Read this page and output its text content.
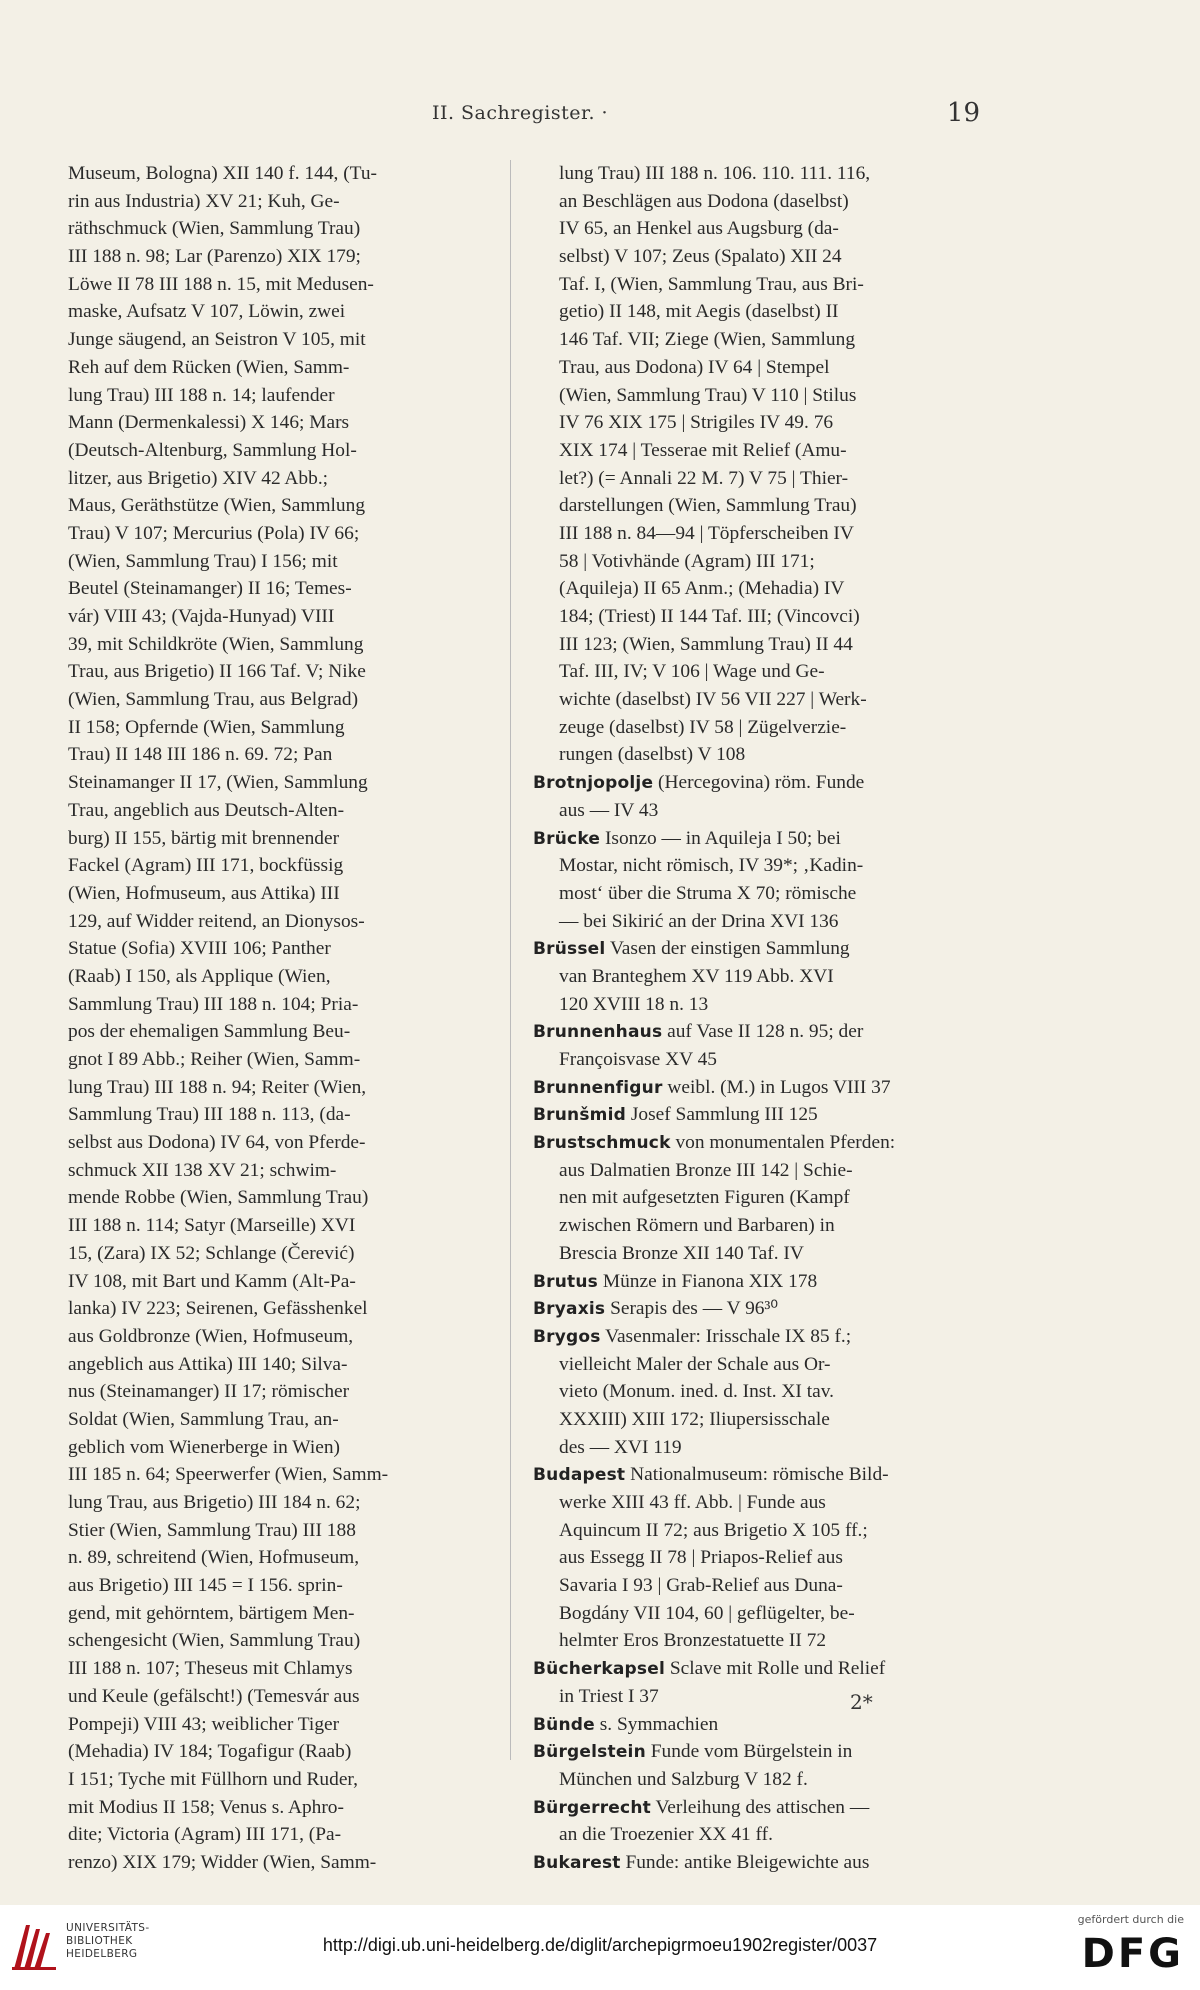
II. Sachregister. ·	19
Museum, Bologna) XII 140 f. 144, (Tu-
rin aus Industria) XV 21; Kuh, Ge-
räthschmuck (Wien, Sammlung Trau)
III 188 n. 98; Lar (Parenzo) XIX 179;
Löwe II 78 III 188 n. 15, mit Medusen-
maske, Aufsatz V 107, Löwin, zwei
Junge säugend, an Seistron V 105, mit
Reh auf dem Rücken (Wien, Samm-
lung Trau) III 188 n. 14; laufender
Mann (Dermenkalessi) X 146; Mars
(Deutsch-Altenburg, Sammlung Hol-
litzer, aus Brigetio) XIV 42 Abb.;
Maus, Geräthstütze (Wien, Sammlung
Trau) V 107; Mercurius (Pola) IV 66;
(Wien, Sammlung Trau) I 156; mit
Beutel (Steinamanger) II 16; Temes-
vár) VIII 43; (Vajda-Hunyad) VIII
39, mit Schildkröte (Wien, Sammlung
Trau, aus Brigetio) II 166 Taf. V; Nike
(Wien, Sammlung Trau, aus Belgrad)
II 158; Opfernde (Wien, Sammlung
Trau) II 148 III 186 n. 69. 72; Pan
Steinamanger II 17, (Wien, Sammlung
Trau, angeblich aus Deutsch-Alten-
burg) II 155, bärtig mit brennender
Fackel (Agram) III 171, bockfüssig
(Wien, Hofmuseum, aus Attika) III
129, auf Widder reitend, an Dionysos-
Statue (Sofia) XVIII 106; Panther
(Raab) I 150, als Applique (Wien,
Sammlung Trau) III 188 n. 104; Pria-
pos der ehemaligen Sammlung Beu-
gnot I 89 Abb.; Reiher (Wien, Samm-
lung Trau) III 188 n. 94; Reiter (Wien,
Sammlung Trau) III 188 n. 113, (da-
selbst aus Dodona) IV 64, von Pferde-
schmuck XII 138 XV 21; schwim-
mende Robbe (Wien, Sammlung Trau)
III 188 n. 114; Satyr (Marseille) XVI
15, (Zara) IX 52; Schlange (Čerević)
IV 108, mit Bart und Kamm (Alt-Pa-
lanka) IV 223; Seirenen, Gefässhenkel
aus Goldbronze (Wien, Hofmuseum,
angeblich aus Attika) III 140; Silva-
nus (Steinamanger) II 17; römischer
Soldat (Wien, Sammlung Trau, an-
geblich vom Wienerberge in Wien)
III 185 n. 64; Speerwerfer (Wien, Samm-
lung Trau, aus Brigetio) III 184 n. 62;
Stier (Wien, Sammlung Trau) III 188
n. 89, schreitend (Wien, Hofmuseum,
aus Brigetio) III 145 = I 156. sprin-
gend, mit gehörntem, bärtigem Men-
schengesicht (Wien, Sammlung Trau)
III 188 n. 107; Theseus mit Chlamys
und Keule (gefälscht!) (Temesvár aus
Pompeji) VIII 43; weiblicher Tiger
(Mehadia) IV 184; Togafigur (Raab)
I 151; Tyche mit Füllhorn und Ruder,
mit Modius II 158; Venus s. Aphro-
dite; Victoria (Agram) III 171, (Pa-
renzo) XIX 179; Widder (Wien, Samm-
lung Trau) III 188 n. 106. 110. 111. 116,
an Beschlägen aus Dodona (daselbst)
IV 65, an Henkel aus Augsburg (da-
selbst) V 107; Zeus (Spalato) XII 24
Taf. I, (Wien, Sammlung Trau, aus Bri-
getio) II 148, mit Aegis (daselbst) II
146 Taf. VII; Ziege (Wien, Sammlung
Trau, aus Dodona) IV 64 | Stempel
(Wien, Sammlung Trau) V 110 | Stilus
IV 76 XIX 175 | Strigiles IV 49. 76
XIX 174 | Tesserae mit Relief (Amu-
let?) (= Annali 22 M. 7) V 75 | Thier-
darstellungen (Wien, Sammlung Trau)
III 188 n. 84—94 | Töpferscheiben IV
58 | Votivhände (Agram) III 171;
(Aquileja) II 65 Anm.; (Mehadia) IV
184; (Triest) II 144 Taf. III; (Vincovci)
III 123; (Wien, Sammlung Trau) II 44
Taf. III, IV; V 106 | Wage und Ge-
wichte (daselbst) IV 56 VII 227 | Werk-
zeuge (daselbst) IV 58 | Zügelverzie-
rungen (daselbst) V 108
Brotnjopolje (Hercegovina) röm. Funde
aus — IV 43
Brücke Isonzo — in Aquileja I 50; bei
Mostar, nicht römisch, IV 39*; ‚Kadin-
most‘ über die Struma X 70; römische
— bei Sikirić an der Drina XVI 136
Brüssel Vasen der einstigen Sammlung
van Branteghem XV 119 Abb. XVI
120 XVIII 18 n. 13
Brunnenhaus auf Vase II 128 n. 95; der
Françoisvase XV 45
Brunnenfigur weibl. (M.) in Lugos VIII 37
Brunšmid Josef Sammlung III 125
Brustschmuck von monumentalen Pferden:
aus Dalmatien Bronze III 142 | Schie-
nen mit aufgesetzten Figuren (Kampf
zwischen Römern und Barbaren) in
Brescia Bronze XII 140 Taf. IV
Brutus Münze in Fianona XIX 178
Bryaxis Serapis des — V 96³⁰
Brygos Vasenmaler: Irisschale IX 85 f.;
vielleicht Maler der Schale aus Or-
vieto (Monum. ined. d. Inst. XI tav.
XXXIII) XIII 172; Iliupersisschale
des — XVI 119
Budapest Nationalmuseum: römische Bild-
werke XIII 43 ff. Abb. | Funde aus
Aquincum II 72; aus Brigetio X 105 ff.;
aus Essegg II 78 | Priapos-Relief aus
Savaria I 93 | Grab-Relief aus Duna-
Bogdány VII 104, 60 | geflügelter, be-
helmter Eros Bronzestatuette II 72
Bücherkapsel Sclave mit Rolle und Relief
in Triest I 37
Bünde s. Symmachien
Bürgelstein Funde vom Bürgelstein in
München und Salzburg V 182 f.
Bürgerrecht Verleihung des attischen —
an die Troezenier XX 41 ff.
Bukarest Funde: antike Bleigewichte aus
2*
UNIVERSITÄTS-
BIBLIOTHEK
HEIDELBERG	http://digi.ub.uni-heidelberg.de/diglit/archepigrmoeu1902register/0037
gefördert durch die
DFG
